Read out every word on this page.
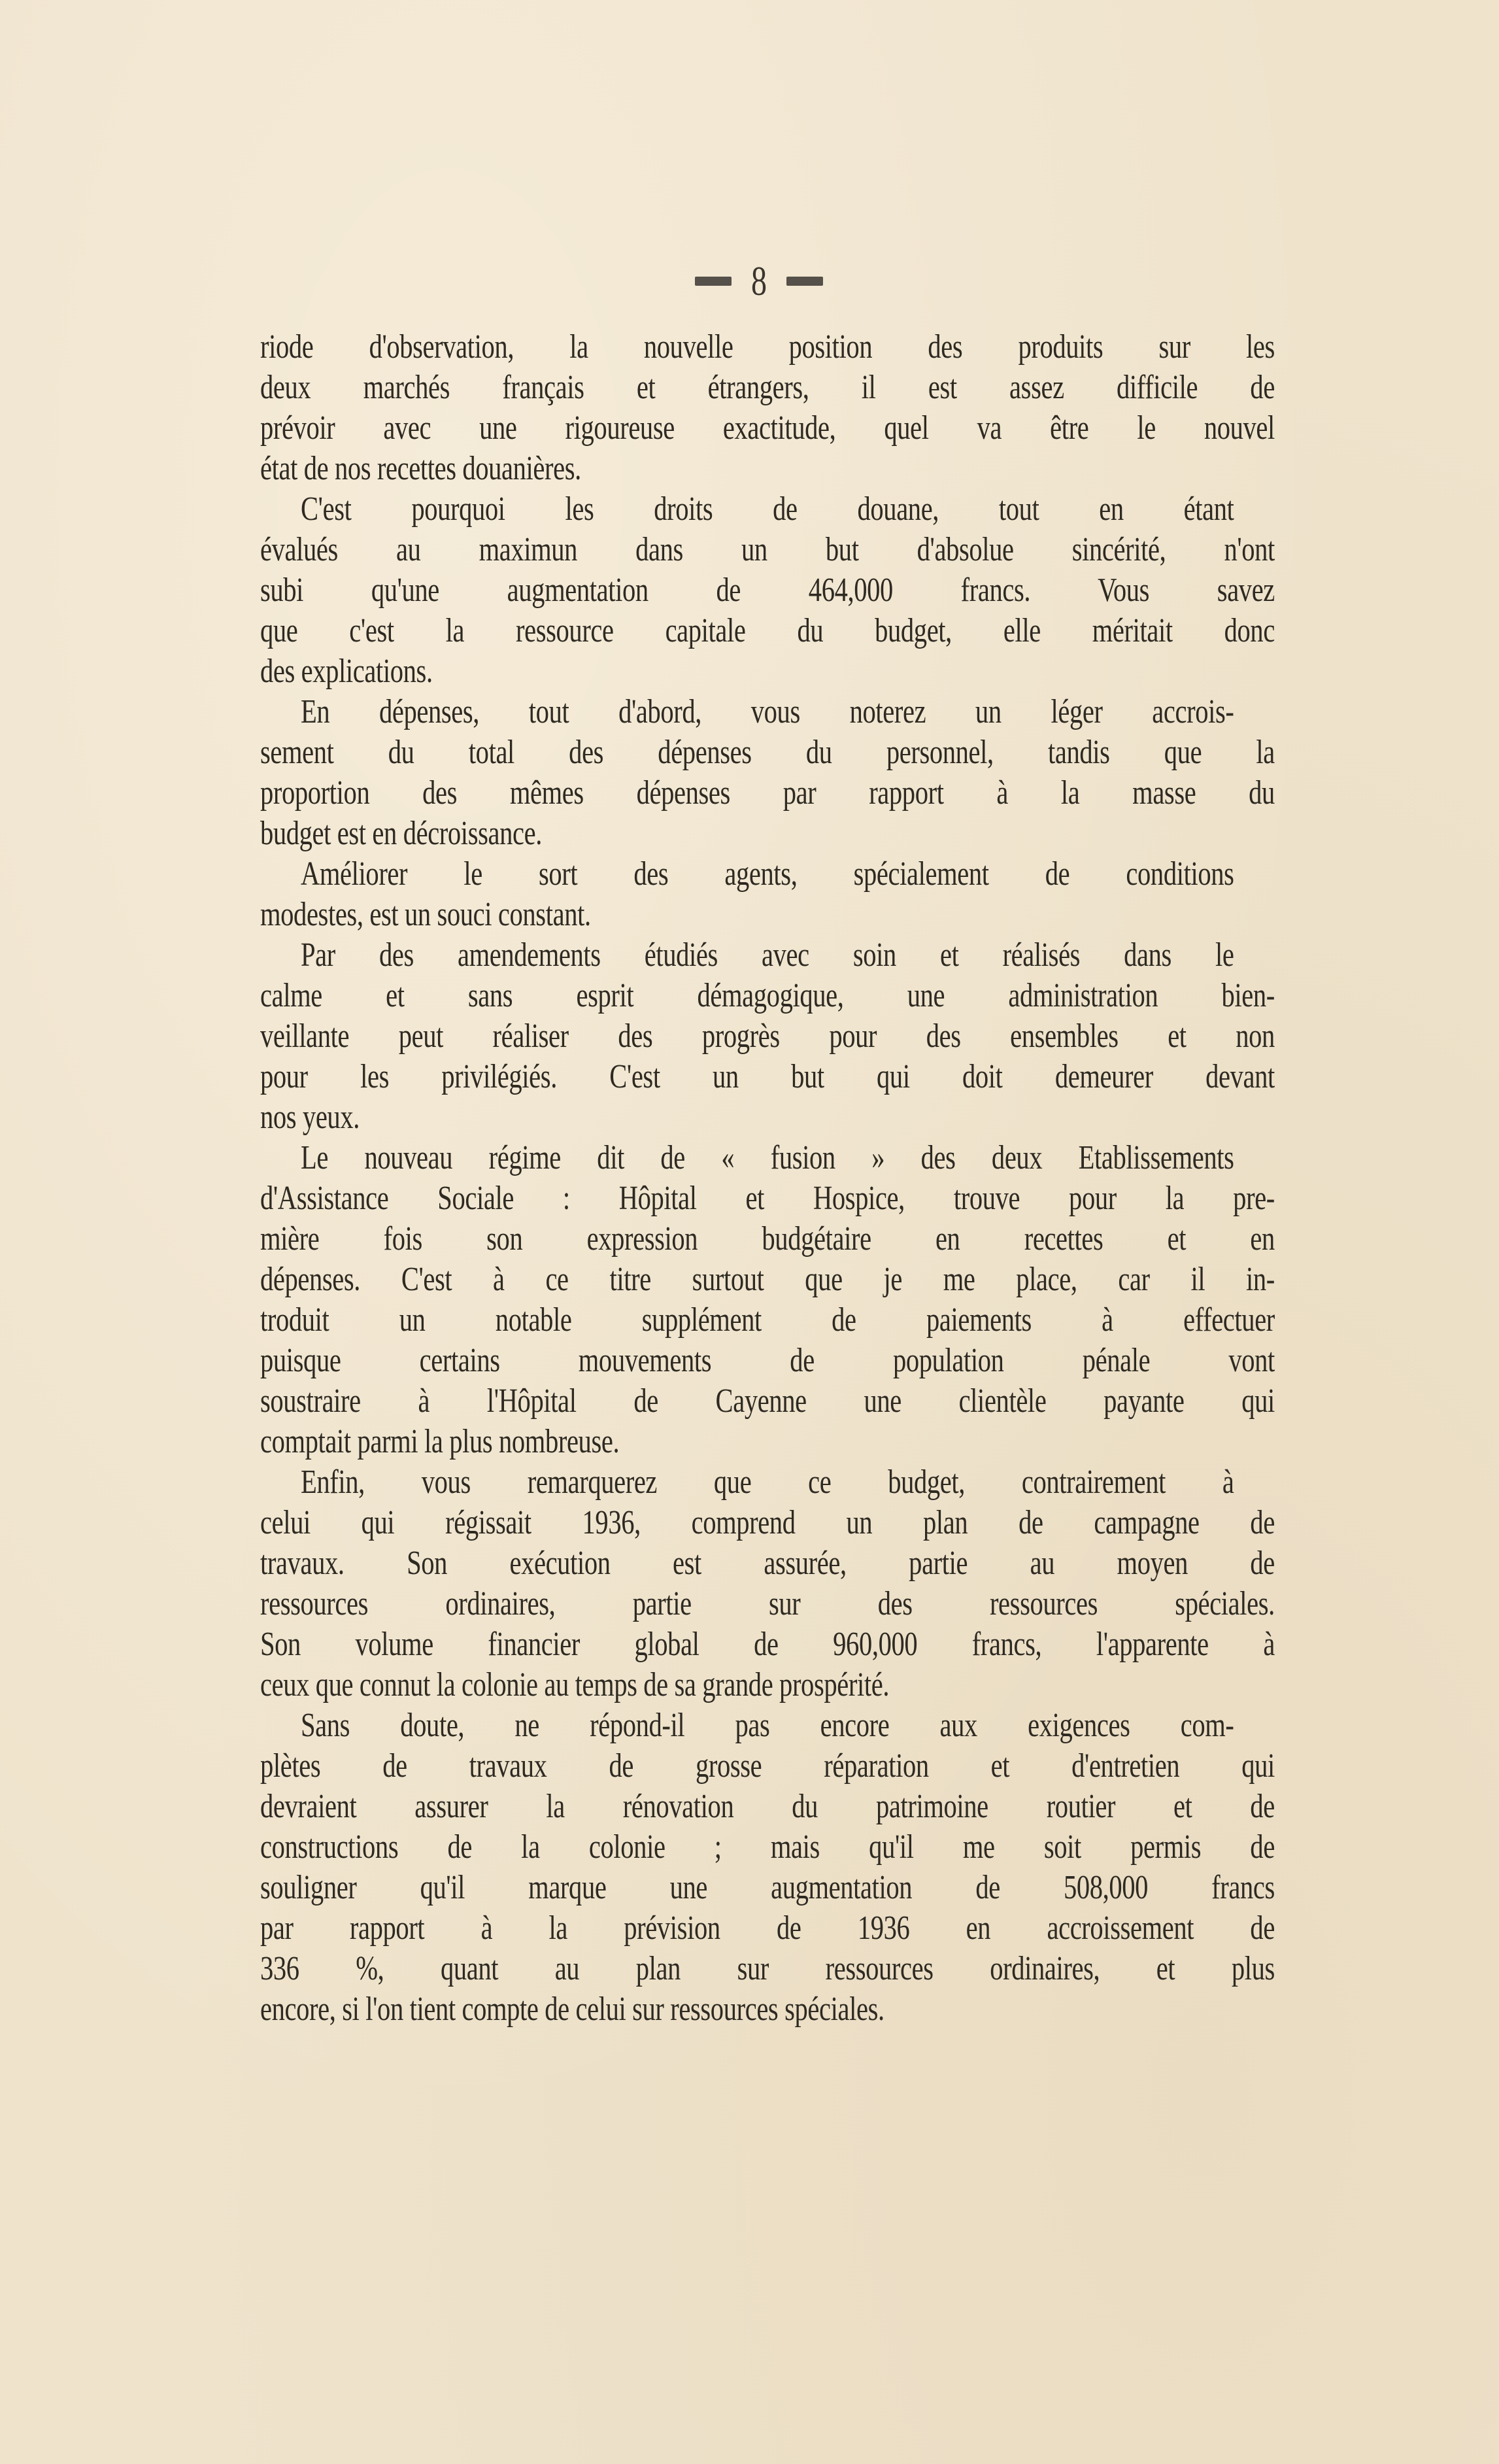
8
riode d'observation, la nouvelle position des produits sur les
deux marchés français et étrangers, il est assez difficile de
prévoir avec une rigoureuse exactitude, quel va être le nouvel
état de nos recettes douanières.
C'est pourquoi les droits de douane, tout en étant
évalués au maximun dans un but d'absolue sincérité, n'ont
subi qu'une augmentation de 464,000 francs. Vous savez
que c'est la ressource capitale du budget, elle méritait donc
des explications.
En dépenses, tout d'abord, vous noterez un léger accrois-
sement du total des dépenses du personnel, tandis que la
proportion des mêmes dépenses par rapport à la masse du
budget est en décroissance.
Améliorer le sort des agents, spécialement de conditions
modestes, est un souci constant.
Par des amendements étudiés avec soin et réalisés dans le
calme et sans esprit démagogique, une administration bien-
veillante peut réaliser des progrès pour des ensembles et non
pour les privilégiés. C'est un but qui doit demeurer devant
nos yeux.
Le nouveau régime dit de « fusion » des deux Etablissements
d'Assistance Sociale : Hôpital et Hospice, trouve pour la pre-
mière fois son expression budgétaire en recettes et en
dépenses. C'est à ce titre surtout que je me place, car il in-
troduit un notable supplément de paiements à effectuer
puisque certains mouvements de population pénale vont
soustraire à l'Hôpital de Cayenne une clientèle payante qui
comptait parmi la plus nombreuse.
Enfin, vous remarquerez que ce budget, contrairement à
celui qui régissait 1936, comprend un plan de campagne de
travaux. Son exécution est assurée, partie au moyen de
ressources ordinaires, partie sur des ressources spéciales.
Son volume financier global de 960,000 francs, l'apparente à
ceux que connut la colonie au temps de sa grande prospérité.
Sans doute, ne répond-il pas encore aux exigences com-
plètes de travaux de grosse réparation et d'entretien qui
devraient assurer la rénovation du patrimoine routier et de
constructions de la colonie ; mais qu'il me soit permis de
souligner qu'il marque une augmentation de 508,000 francs
par rapport à la prévision de 1936 en accroissement de
336 %, quant au plan sur ressources ordinaires, et plus
encore, si l'on tient compte de celui sur ressources spéciales.
